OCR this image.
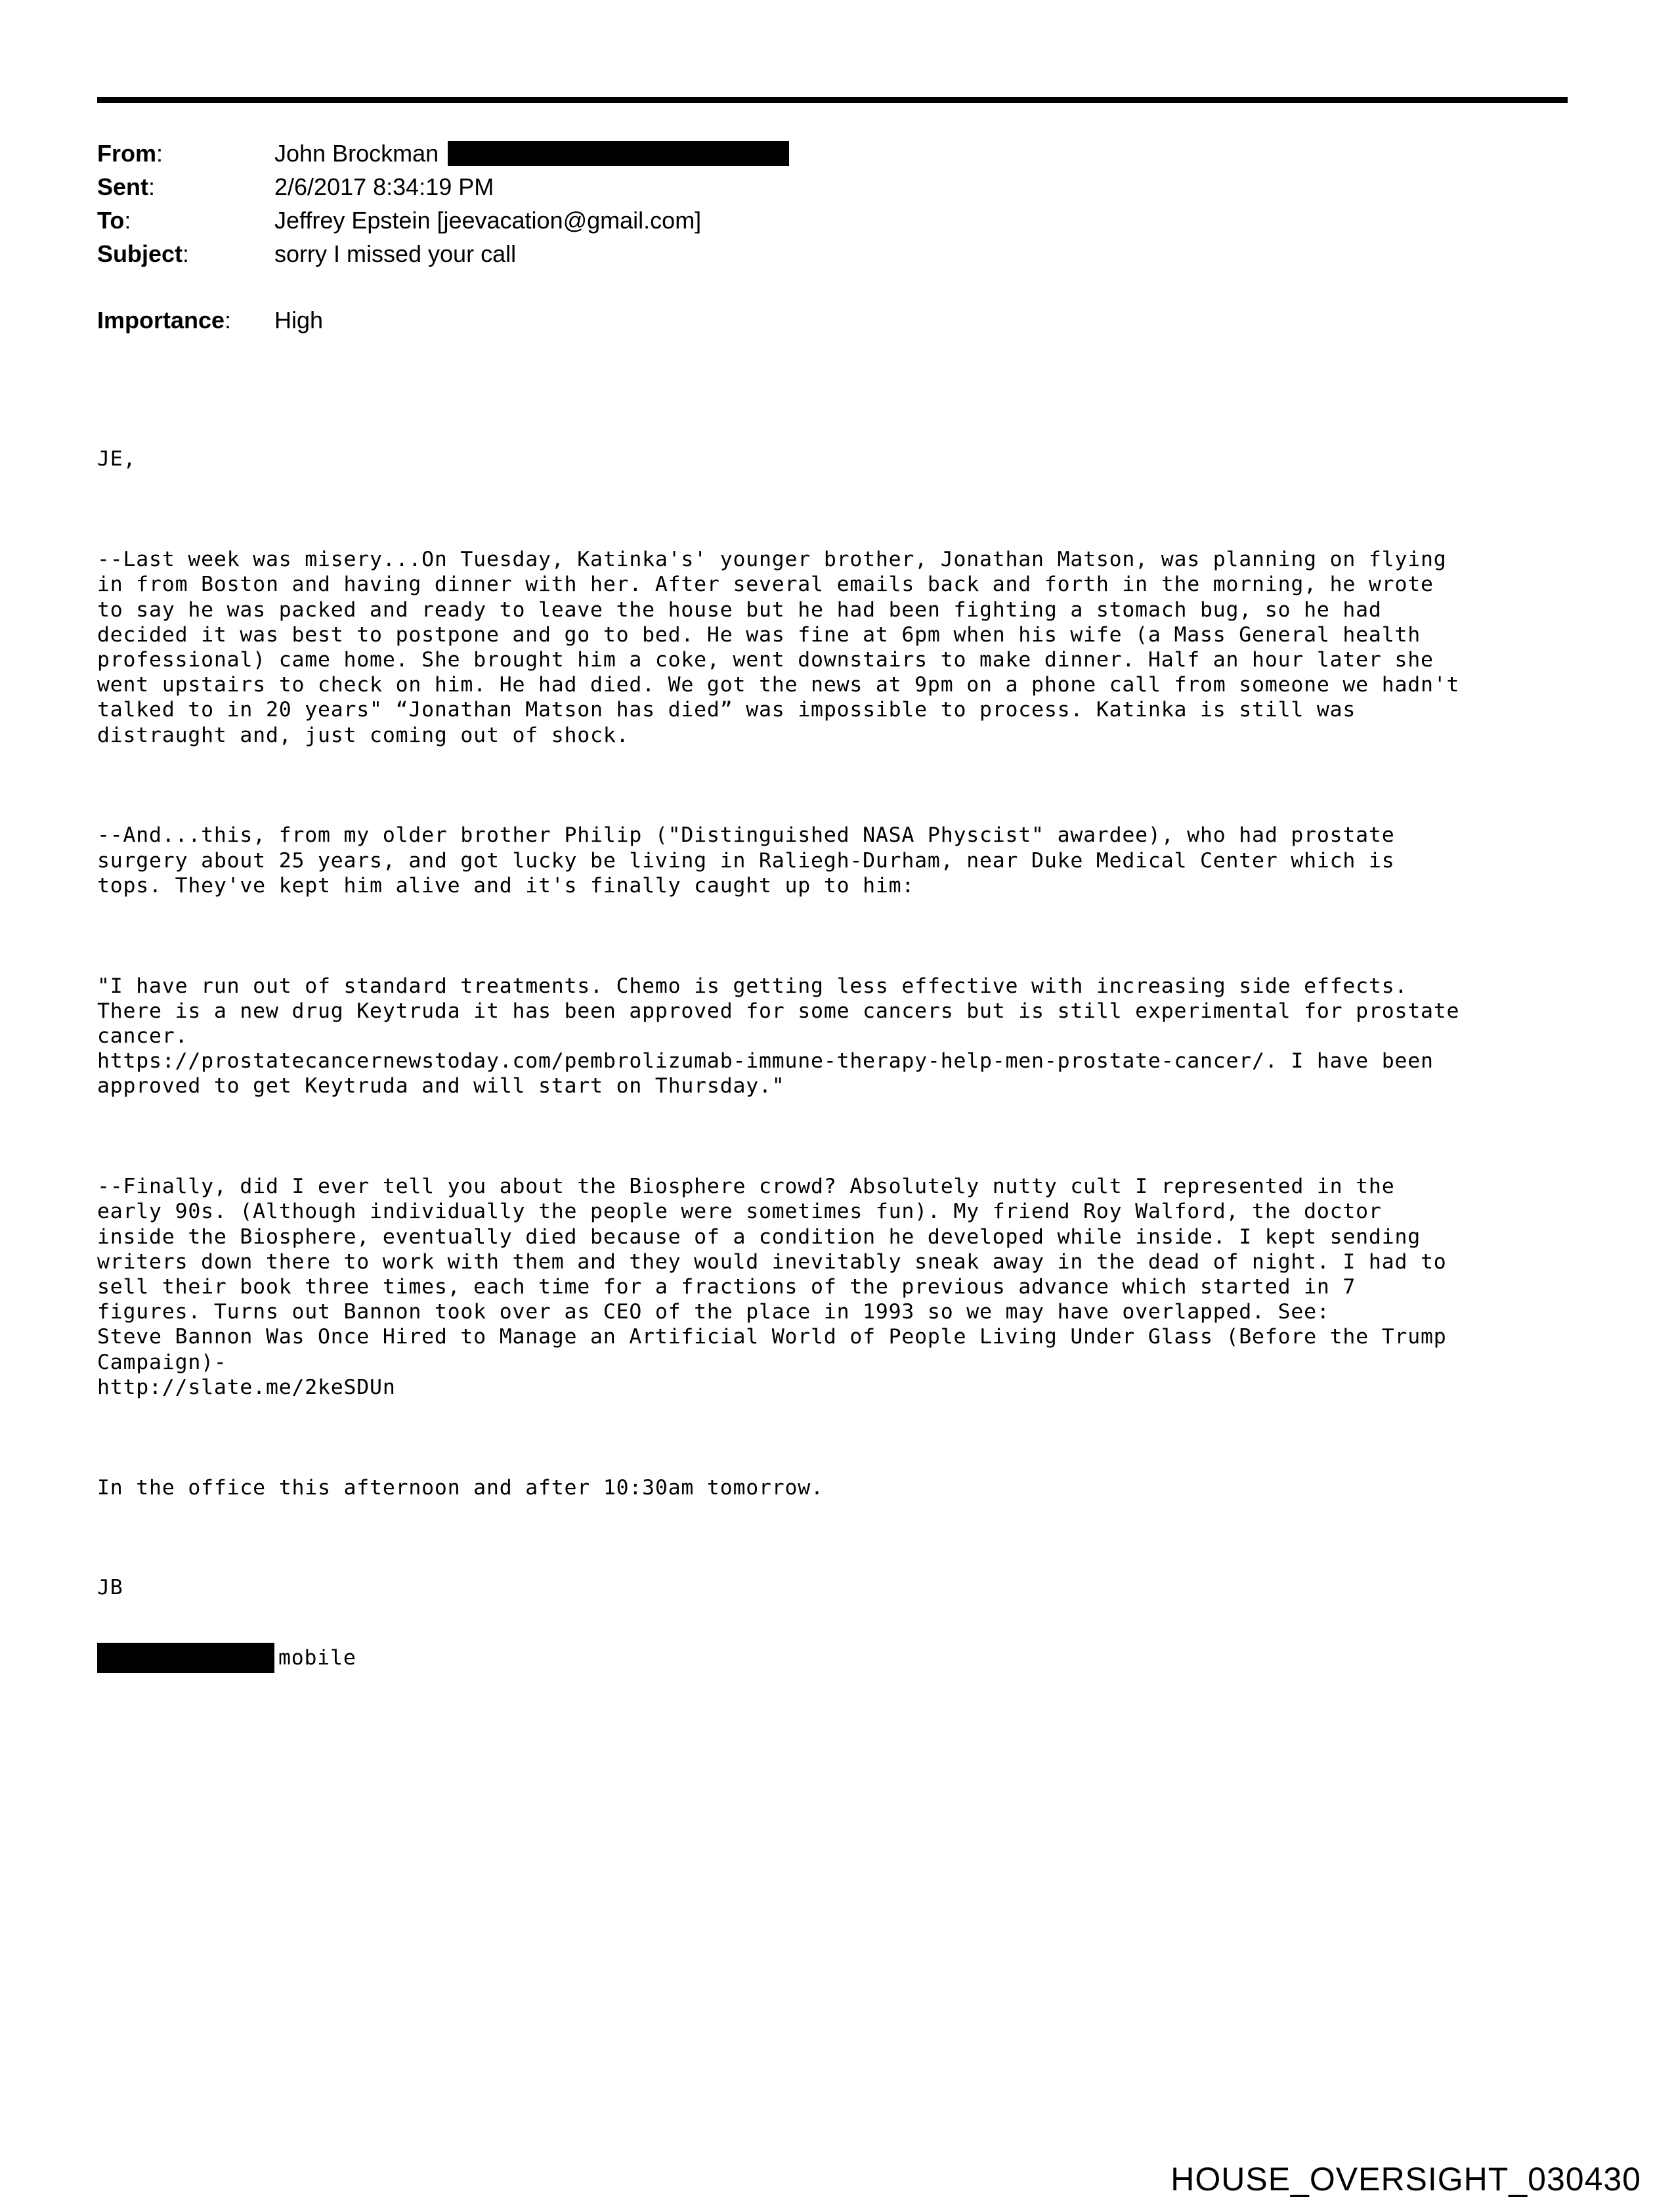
From:	John Brockman
Sent:	2/6/2017 8:34:19 PM
To:	Jeffrey Epstein [jeevacation@gmail.com]
Subject:	sorry I missed your call
Importance:	High

JE,

--Last week was misery...On Tuesday, Katinka's' younger brother, Jonathan Matson, was planning on flying
in from Boston and having dinner with her. After several emails back and forth in the morning, he wrote
to say he was packed and ready to leave the house but he had been fighting a stomach bug, so he had
decided it was best to postpone and go to bed. He was fine at 6pm when his wife (a Mass General health
professional) came home. She brought him a coke, went downstairs to make dinner. Half an hour later she
went upstairs to check on him. He had died. We got the news at 9pm on a phone call from someone we hadn't
talked to in 20 years" “Jonathan Matson has died” was impossible to process. Katinka is still was
distraught and, just coming out of shock.

--And...this, from my older brother Philip ("Distinguished NASA Physcist" awardee), who had prostate
surgery about 25 years, and got lucky be living in Raliegh-Durham, near Duke Medical Center which is
tops. They've kept him alive and it's finally caught up to him:

"I have run out of standard treatments. Chemo is getting less effective with increasing side effects.
There is a new drug Keytruda it has been approved for some cancers but is still experimental for prostate
cancer.
https://prostatecancernewstoday.com/pembrolizumab-immune-therapy-help-men-prostate-cancer/. I have been
approved to get Keytruda and will start on Thursday."

--Finally, did I ever tell you about the Biosphere crowd? Absolutely nutty cult I represented in the
early 90s. (Although individually the people were sometimes fun). My friend Roy Walford, the doctor
inside the Biosphere, eventually died because of a condition he developed while inside. I kept sending
writers down there to work with them and they would inevitably sneak away in the dead of night. I had to
sell their book three times, each time for a fractions of the previous advance which started in 7
figures. Turns out Bannon took over as CEO of the place in 1993 so we may have overlapped. See:
Steve Bannon Was Once Hired to Manage an Artificial World of People Living Under Glass (Before the Trump
Campaign)-
http://slate.me/2keSDUn

In the office this afternoon and after 10:30am tomorrow.

JB

mobile

HOUSE_OVERSIGHT_030430
